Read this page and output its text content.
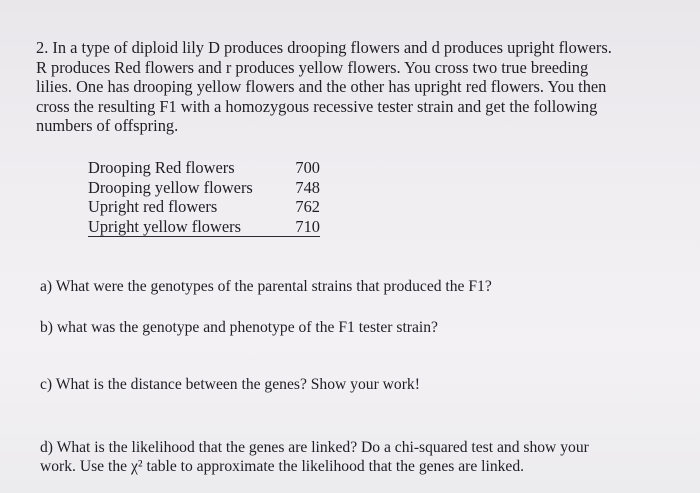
2. In a type of diploid lily D produces drooping flowers and d produces upright flowers.
R produces Red flowers and r produces yellow flowers. You cross two true breeding
lilies. One has drooping yellow flowers and the other has upright red flowers. You then
cross the resulting F1 with a homozygous recessive tester strain and get the following
numbers of offspring.

Drooping Red flowers	700
Drooping yellow flowers	748
Upright red flowers	762
Upright yellow flowers	710

a) What were the genotypes of the parental strains that produced the F1?

b) what was the genotype and phenotype of the F1 tester strain?

c) What is the distance between the genes? Show your work!

d) What is the likelihood that the genes are linked? Do a chi-squared test and show your
work. Use the χ² table to approximate the likelihood that the genes are linked.
